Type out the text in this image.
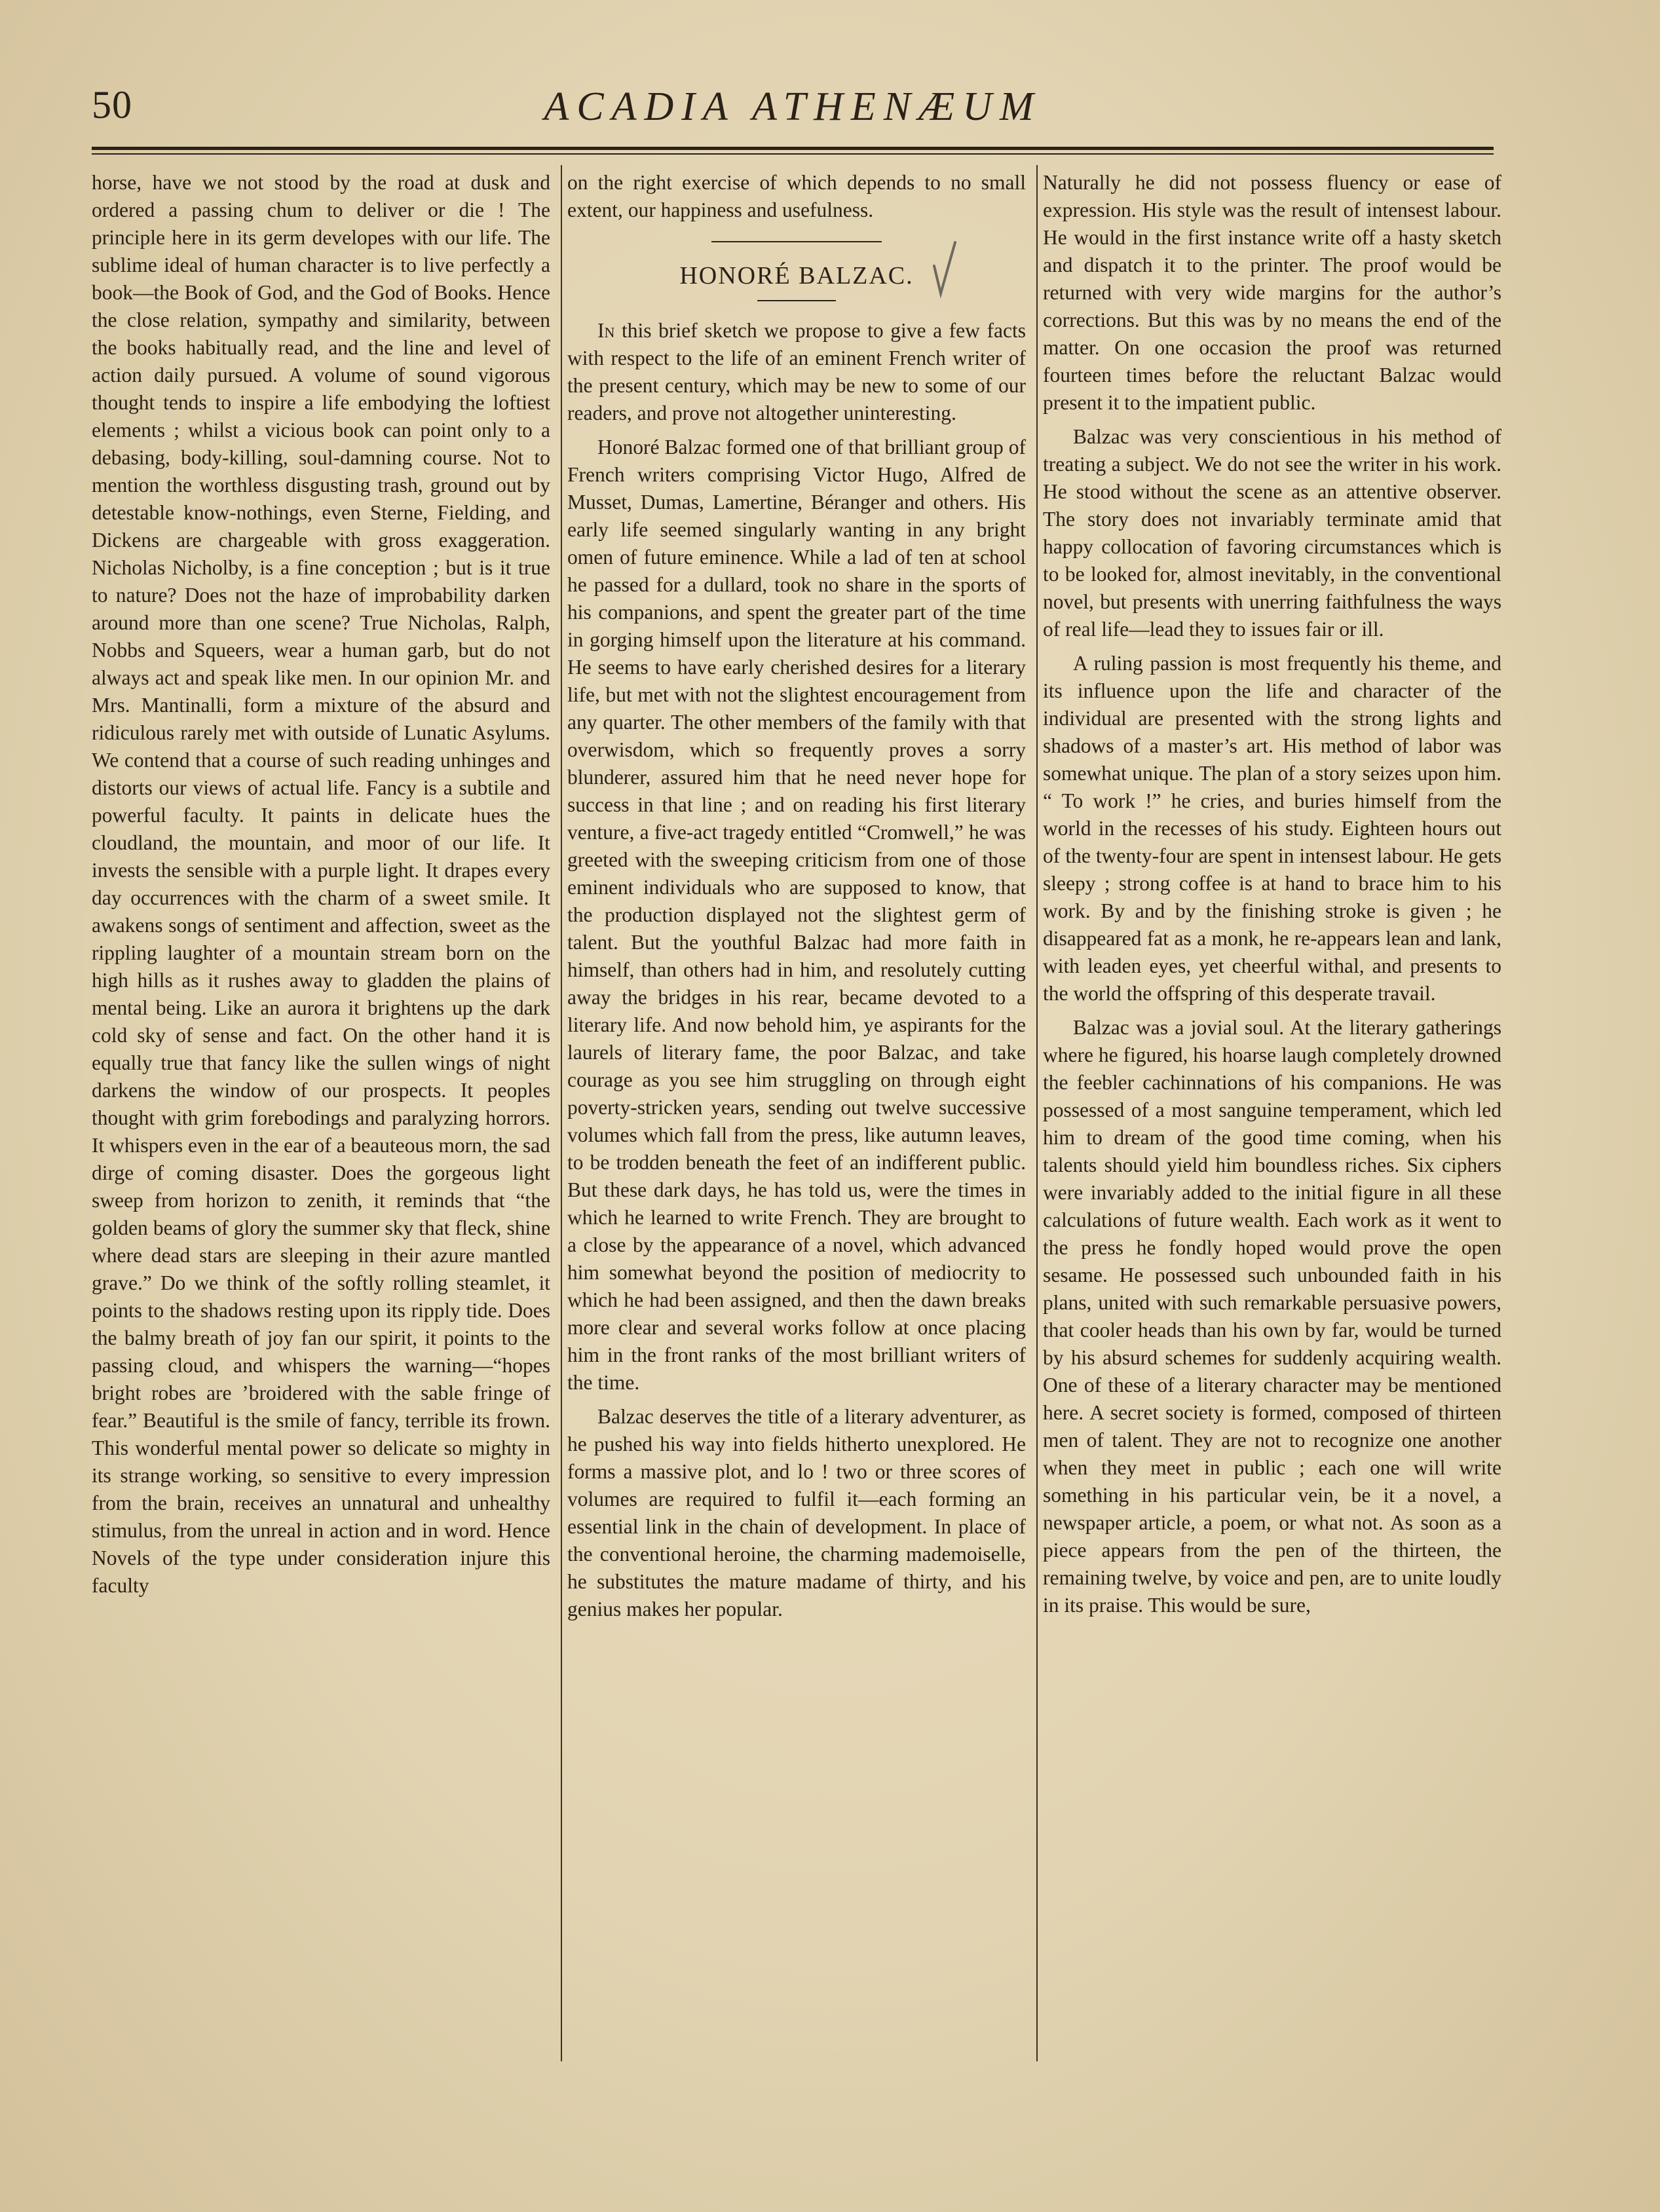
50	ACADIA ATHENÆUM

horse, have we not stood by the road at dusk and ordered a passing chum to deliver or die ! The principle here in its germ developes with our life. The sublime ideal of human character is to live perfectly a book—the Book of God, and the God of Books. Hence the close relation, sympathy and similarity, between the books habitually read, and the line and level of action daily pursued. A volume of sound vigorous thought tends to inspire a life embodying the loftiest elements ; whilst a vicious book can point only to a debasing, body-killing, soul-damning course. Not to mention the worthless disgusting trash, ground out by detestable know-nothings, even Sterne, Fielding, and Dickens are chargeable with gross exaggeration. Nicholas Nicholby, is a fine conception ; but is it true to nature? Does not the haze of improbability darken around more than one scene? True Nicholas, Ralph, Nobbs and Squeers, wear a human garb, but do not always act and speak like men. In our opinion Mr. and Mrs. Mantinalli, form a mixture of the absurd and ridiculous rarely met with outside of Lunatic Asylums. We contend that a course of such reading unhinges and distorts our views of actual life. Fancy is a subtile and powerful faculty. It paints in delicate hues the cloudland, the mountain, and moor of our life. It invests the sensible with a purple light. It drapes every day occurrences with the charm of a sweet smile. It awakens songs of sentiment and affection, sweet as the rippling laughter of a mountain stream born on the high hills as it rushes away to gladden the plains of mental being. Like an aurora it brightens up the dark cold sky of sense and fact. On the other hand it is equally true that fancy like the sullen wings of night darkens the window of our prospects. It peoples thought with grim forebodings and paralyzing horrors. It whispers even in the ear of a beauteous morn, the sad dirge of coming disaster. Does the gorgeous light sweep from horizon to zenith, it reminds that “the golden beams of glory the summer sky that fleck, shine where dead stars are sleeping in their azure mantled grave.” Do we think of the softly rolling steamlet, it points to the shadows resting upon its ripply tide. Does the balmy breath of joy fan our spirit, it points to the passing cloud, and whispers the warning—“hopes bright robes are ’broidered with the sable fringe of fear.” Beautiful is the smile of fancy, terrible its frown. This wonderful mental power so delicate so mighty in its strange working, so sensitive to every impression from the brain, receives an unnatural and unhealthy stimulus, from the unreal in action and in word. Hence Novels of the type under consideration injure this faculty

on the right exercise of which depends to no small extent, our happiness and usefulness.

HONORÉ BALZAC.

In this brief sketch we propose to give a few facts with respect to the life of an eminent French writer of the present century, which may be new to some of our readers, and prove not altogether uninteresting.

Honoré Balzac formed one of that brilliant group of French writers comprising Victor Hugo, Alfred de Musset, Dumas, Lamertine, Béranger and others. His early life seemed singularly wanting in any bright omen of future eminence. While a lad of ten at school he passed for a dullard, took no share in the sports of his companions, and spent the greater part of the time in gorging himself upon the literature at his command. He seems to have early cherished desires for a literary life, but met with not the slightest encouragement from any quarter. The other members of the family with that overwisdom, which so frequently proves a sorry blunderer, assured him that he need never hope for success in that line ; and on reading his first literary venture, a five-act tragedy entitled “Cromwell,” he was greeted with the sweeping criticism from one of those eminent individuals who are supposed to know, that the production displayed not the slightest germ of talent. But the youthful Balzac had more faith in himself, than others had in him, and resolutely cutting away the bridges in his rear, became devoted to a literary life. And now behold him, ye aspirants for the laurels of literary fame, the poor Balzac, and take courage as you see him struggling on through eight poverty-stricken years, sending out twelve successive volumes which fall from the press, like autumn leaves, to be trodden beneath the feet of an indifferent public. But these dark days, he has told us, were the times in which he learned to write French. They are brought to a close by the appearance of a novel, which advanced him somewhat beyond the position of mediocrity to which he had been assigned, and then the dawn breaks more clear and several works follow at once placing him in the front ranks of the most brilliant writers of the time.

Balzac deserves the title of a literary adventurer, as he pushed his way into fields hitherto unexplored. He forms a massive plot, and lo ! two or three scores of volumes are required to fulfil it—each forming an essential link in the chain of development. In place of the conventional heroine, the charming mademoiselle, he substitutes the mature madame of thirty, and his genius makes her popular.

Naturally he did not possess fluency or ease of expression. His style was the result of intensest labour. He would in the first instance write off a hasty sketch and dispatch it to the printer. The proof would be returned with very wide margins for the author’s corrections. But this was by no means the end of the matter. On one occasion the proof was returned fourteen times before the reluctant Balzac would present it to the impatient public.

Balzac was very conscientious in his method of treating a subject. We do not see the writer in his work. He stood without the scene as an attentive observer. The story does not invariably terminate amid that happy collocation of favoring circumstances which is to be looked for, almost inevitably, in the conventional novel, but presents with unerring faithfulness the ways of real life—lead they to issues fair or ill.

A ruling passion is most frequently his theme, and its influence upon the life and character of the individual are presented with the strong lights and shadows of a master’s art. His method of labor was somewhat unique. The plan of a story seizes upon him. “ To work !” he cries, and buries himself from the world in the recesses of his study. Eighteen hours out of the twenty-four are spent in intensest labour. He gets sleepy ; strong coffee is at hand to brace him to his work. By and by the finishing stroke is given ; he disappeared fat as a monk, he re-appears lean and lank, with leaden eyes, yet cheerful withal, and presents to the world the offspring of this desperate travail.

Balzac was a jovial soul. At the literary gatherings where he figured, his hoarse laugh completely drowned the feebler cachinnations of his companions. He was possessed of a most sanguine temperament, which led him to dream of the good time coming, when his talents should yield him boundless riches. Six ciphers were invariably added to the initial figure in all these calculations of future wealth. Each work as it went to the press he fondly hoped would prove the open sesame. He possessed such unbounded faith in his plans, united with such remarkable persuasive powers, that cooler heads than his own by far, would be turned by his absurd schemes for suddenly acquiring wealth. One of these of a literary character may be mentioned here. A secret society is formed, composed of thirteen men of talent. They are not to recognize one another when they meet in public ; each one will write something in his particular vein, be it a novel, a newspaper article, a poem, or what not. As soon as a piece appears from the pen of the thirteen, the remaining twelve, by voice and pen, are to unite loudly in its praise. This would be sure,
